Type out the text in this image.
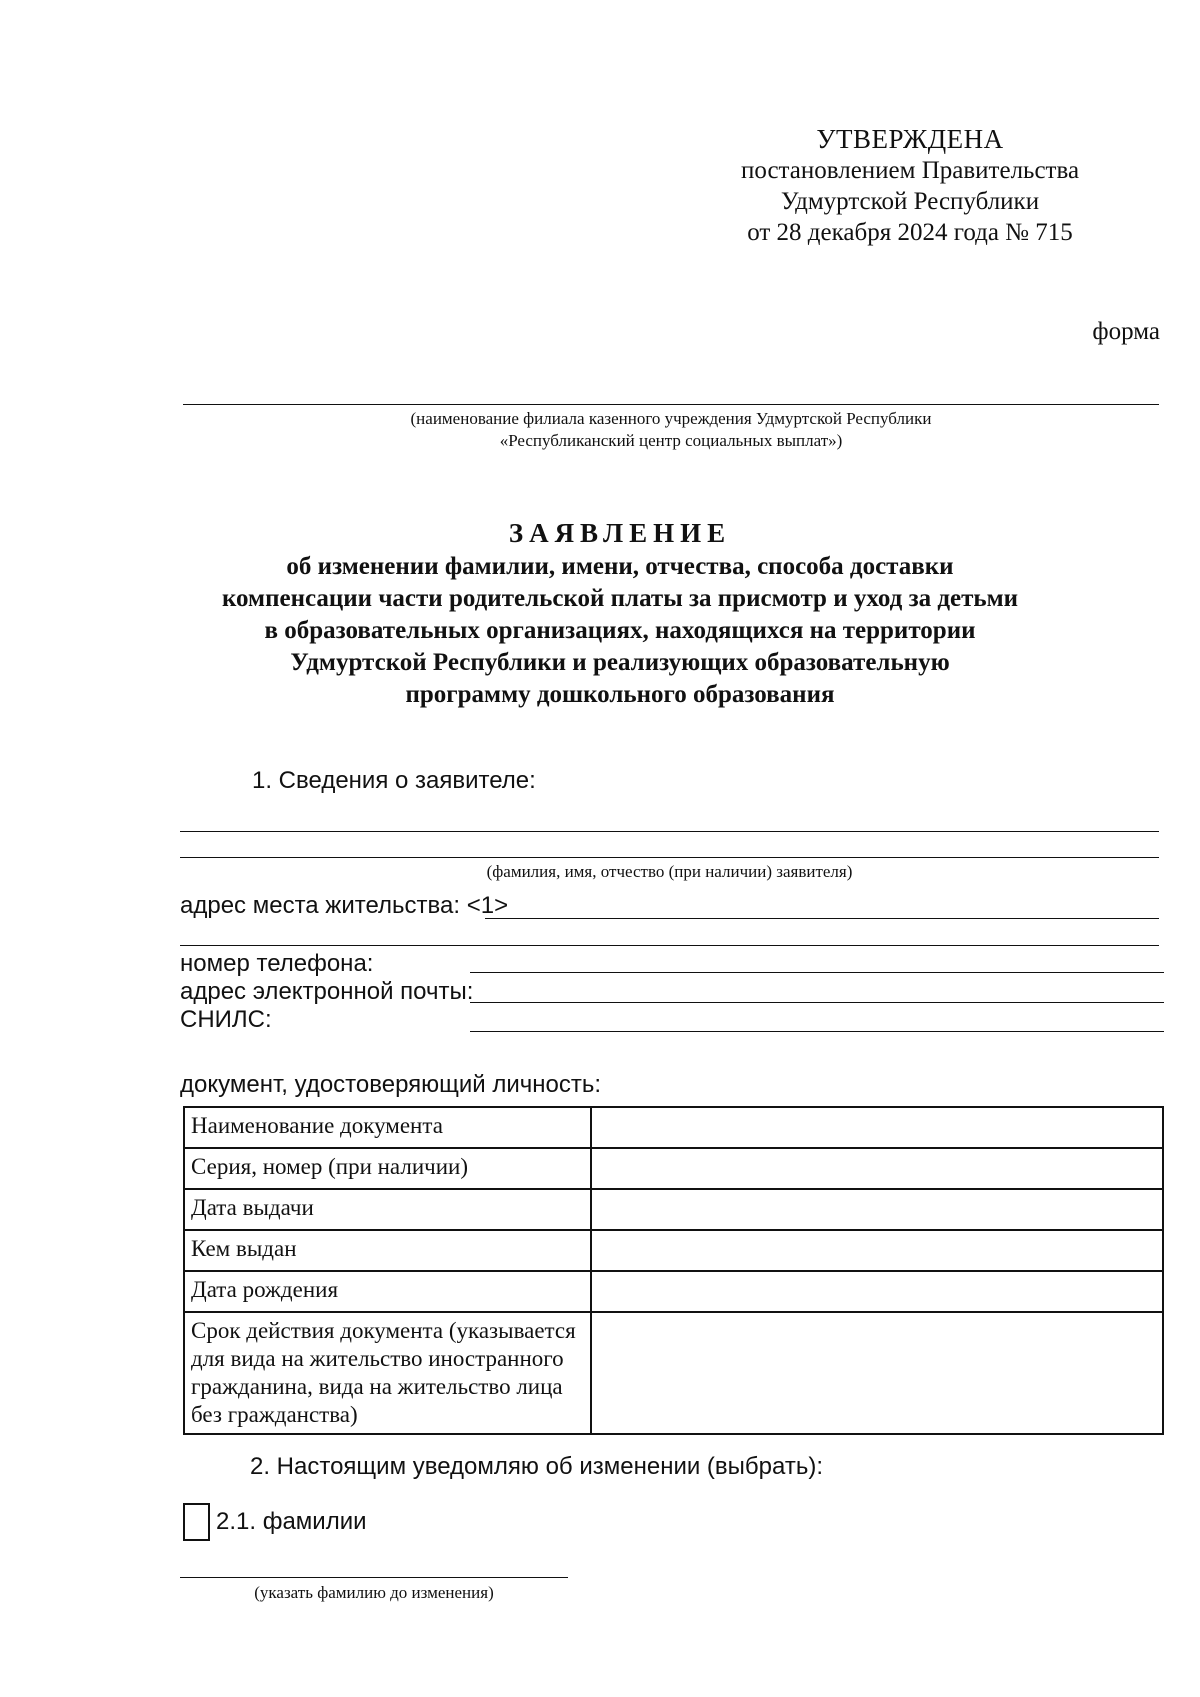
УТВЕРЖДЕНА
постановлением Правительства
Удмуртской Республики
от 28 декабря 2024 года № 715
форма
(наименование филиала казенного учреждения Удмуртской Республики
«Республиканский центр социальных выплат»)
ЗАЯВЛЕНИЕ
об изменении фамилии, имени, отчества, способа доставки
компенсации части родительской платы за присмотр и уход за детьми
в образовательных организациях, находящихся на территории
Удмуртской Республики и реализующих образовательную
программу дошкольного образования
1. Сведения о заявителе:
(фамилия, имя, отчество (при наличии) заявителя)
адрес места жительства: <1>
номер телефона:
адрес электронной почты:
СНИЛС:
документ, удостоверяющий личность:
Наименование документа	
Серия, номер (при наличии)	
Дата выдачи	
Кем выдан	
Дата рождения	
Срок действия документа (указывается для вида на жительство иностранного гражданина, вида на жительство лица без гражданства)	
2. Настоящим уведомляю об изменении (выбрать):
2.1. фамилии
(указать фамилию до изменения)
